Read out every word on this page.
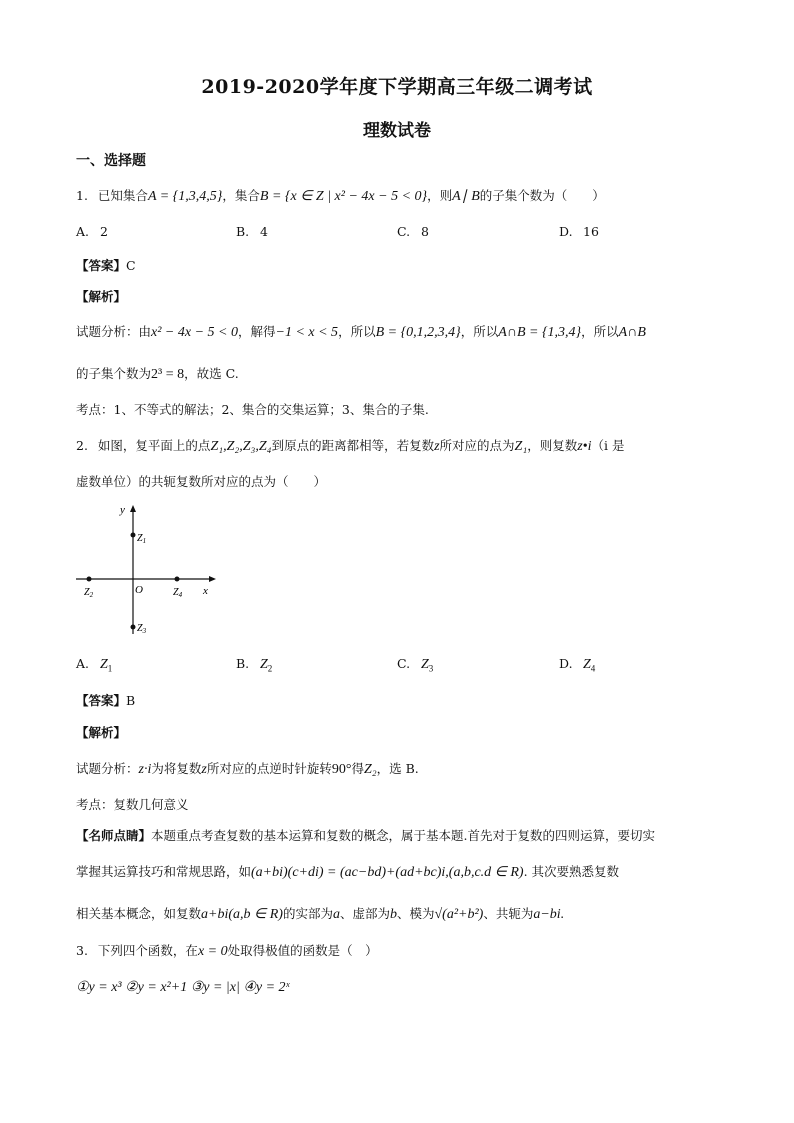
2019-2020学年度下学期高三年级二调考试
理数试卷
一、选择题
1. 已知集合A = {1,3,4,5}，集合B = {x ∈ Z | x² − 4x − 5 < 0}，则A∣ B的子集个数为（　　）
A. 2	B. 4	C. 8	D. 16
【答案】C
【解析】
试题分析：由x² − 4x − 5 < 0，解得−1 < x < 5，所以B = {0,1,2,3,4}，所以A∩B = {1,3,4}，所以A∩B
的子集个数为2³ = 8，故选 C.
考点：1、不等式的解法；2、集合的交集运算；3、集合的子集.
2. 如图，复平面上的点Z₁,Z₂,Z₃,Z₄到原点的距离都相等，若复数z所对应的点为Z₁，则复数z•i（i 是
虚数单位）的共轭复数所对应的点为（　　）
y
x
O
$Z_1$
$Z_2$
$Z_3$
$Z_4$
A. $Z_1$	B. $Z_2$	C. $Z_3$	D. $Z_4$
【答案】B
【解析】
试题分析：z·i为将复数z所对应的点逆时针旋转90°得Z₂，选 B.
考点：复数几何意义
【名师点睛】本题重点考查复数的基本运算和复数的概念，属于基本题.首先对于复数的四则运算，要切实
掌握其运算技巧和常规思路，如(a+bi)(c+di) = (ac−bd)+(ad+bc)i,(a,b,c.d ∈ R). 其次要熟悉复数
相关基本概念，如复数a+bi(a,b ∈ R)的实部为a、虚部为b、模为√(a²+b²)、共轭为a−bi.
3. 下列四个函数，在x = 0处取得极值的函数是（　）
①y = x³ ②y = x²+1 ③y = |x| ④y = 2ˣ
